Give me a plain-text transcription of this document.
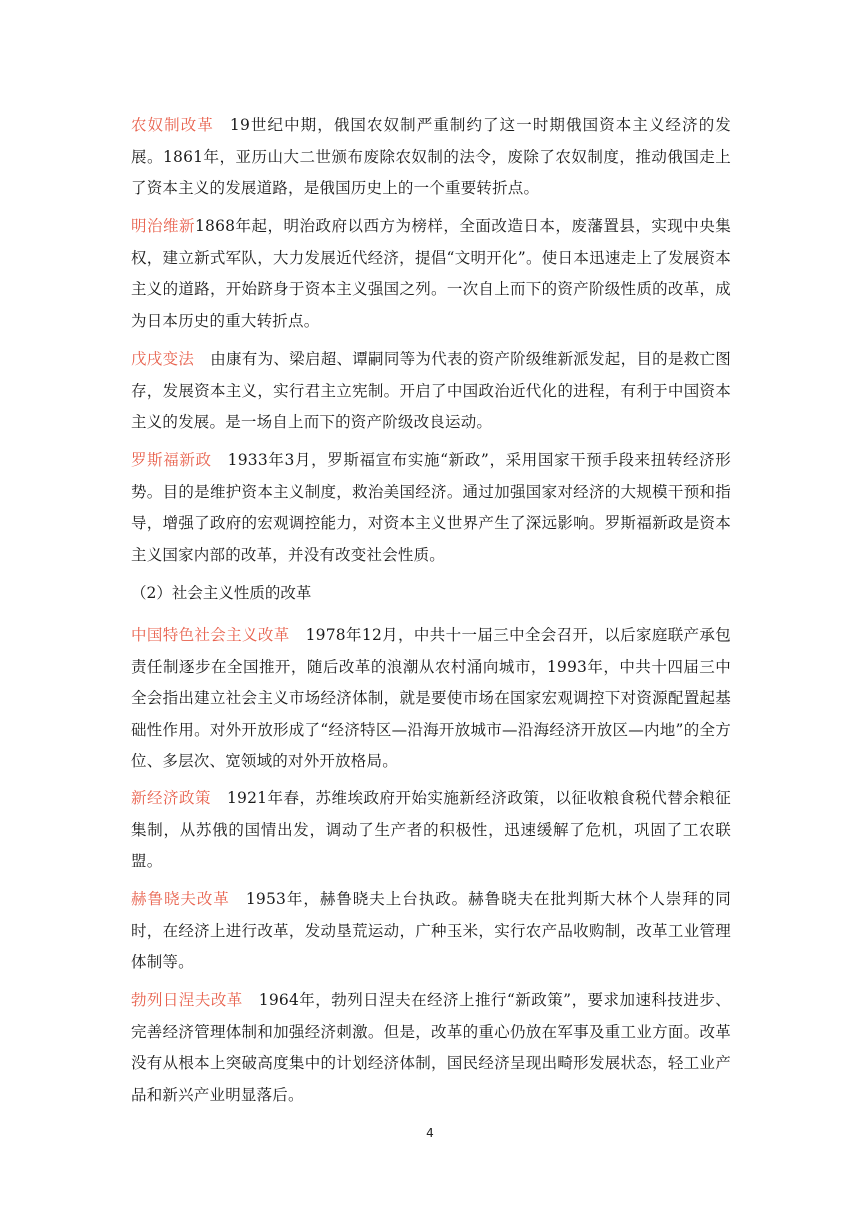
农奴制改革 19世纪中期，俄国农奴制严重制约了这一时期俄国资本主义经济的发展。1861年，亚历山大二世颁布废除农奴制的法令，废除了农奴制度，推动俄国走上了资本主义的发展道路，是俄国历史上的一个重要转折点。

明治维新1868年起，明治政府以西方为榜样，全面改造日本，废藩置县，实现中央集权，建立新式军队，大力发展近代经济，提倡“文明开化”。使日本迅速走上了发展资本主义的道路，开始跻身于资本主义强国之列。一次自上而下的资产阶级性质的改革，成为日本历史的重大转折点。

戊戌变法 由康有为、梁启超、谭嗣同等为代表的资产阶级维新派发起，目的是救亡图存，发展资本主义，实行君主立宪制。开启了中国政治近代化的进程，有利于中国资本主义的发展。是一场自上而下的资产阶级改良运动。

罗斯福新政 1933年3月，罗斯福宣布实施“新政”，采用国家干预手段来扭转经济形势。目的是维护资本主义制度，救治美国经济。通过加强国家对经济的大规模干预和指导，增强了政府的宏观调控能力，对资本主义世界产生了深远影响。罗斯福新政是资本主义国家内部的改革，并没有改变社会性质。

（2）社会主义性质的改革

中国特色社会主义改革 1978年12月，中共十一届三中全会召开，以后家庭联产承包责任制逐步在全国推开，随后改革的浪潮从农村涌向城市，1993年，中共十四届三中全会指出建立社会主义市场经济体制，就是要使市场在国家宏观调控下对资源配置起基础性作用。对外开放形成了“经济特区—沿海开放城市—沿海经济开放区—内地”的全方位、多层次、宽领域的对外开放格局。

新经济政策 1921年春，苏维埃政府开始实施新经济政策，以征收粮食税代替余粮征集制，从苏俄的国情出发，调动了生产者的积极性，迅速缓解了危机，巩固了工农联盟。

赫鲁晓夫改革 1953年，赫鲁晓夫上台执政。赫鲁晓夫在批判斯大林个人崇拜的同时，在经济上进行改革，发动垦荒运动，广种玉米，实行农产品收购制，改革工业管理体制等。

勃列日涅夫改革 1964年，勃列日涅夫在经济上推行“新政策”，要求加速科技进步、完善经济管理体制和加强经济刺激。但是，改革的重心仍放在军事及重工业方面。改革没有从根本上突破高度集中的计划经济体制，国民经济呈现出畸形发展状态，轻工业产品和新兴产业明显落后。

4
